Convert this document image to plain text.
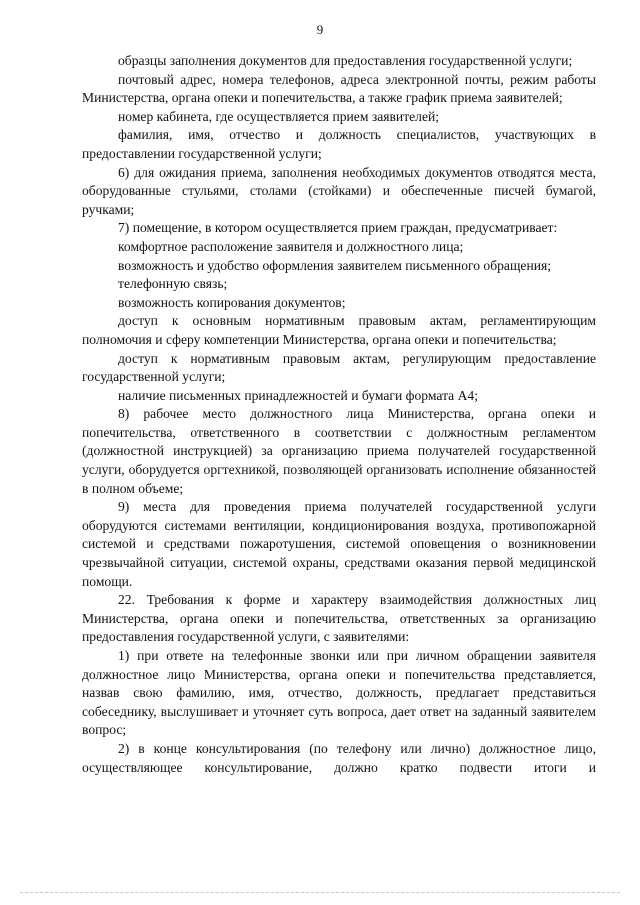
9

образцы заполнения документов для предоставления государственной услуги;

почтовый адрес, номера телефонов, адреса электронной почты, режим работы Министерства, органа опеки и попечительства, а также график приема заявителей;

номер кабинета, где осуществляется прием заявителей;

фамилия, имя, отчество и должность специалистов, участвующих в предоставлении государственной услуги;

6) для ожидания приема, заполнения необходимых документов отводятся места, оборудованные стульями, столами (стойками) и обеспеченные писчей бумагой, ручками;

7) помещение, в котором осуществляется прием граждан, предусматривает:

комфортное расположение заявителя и должностного лица;

возможность и удобство оформления заявителем письменного обращения;

телефонную связь;

возможность копирования документов;

доступ к основным нормативным правовым актам, регламентирующим полномочия и сферу компетенции Министерства, органа опеки и попечительства;

доступ к нормативным правовым актам, регулирующим предоставление государственной услуги;

наличие письменных принадлежностей и бумаги формата А4;

8) рабочее место должностного лица Министерства, органа опеки и попечительства, ответственного в соответствии с должностным регламентом (должностной инструкцией) за организацию приема получателей государственной услуги, оборудуется оргтехникой, позволяющей организовать исполнение обязанностей в полном объеме;

9) места для проведения приема получателей государственной услуги оборудуются системами вентиляции, кондиционирования воздуха, противопожарной системой и средствами пожаротушения, системой оповещения о возникновении чрезвычайной ситуации, системой охраны, средствами оказания первой медицинской помощи.

22. Требования к форме и характеру взаимодействия должностных лиц Министерства, органа опеки и попечительства, ответственных за организацию предоставления государственной услуги, с заявителями:

1) при ответе на телефонные звонки или при личном обращении заявителя должностное лицо Министерства, органа опеки и попечительства представляется, назвав свою фамилию, имя, отчество, должность, предлагает представиться собеседнику, выслушивает и уточняет суть вопроса, дает ответ на заданный заявителем вопрос;

2) в конце консультирования (по телефону или лично) должностное лицо, осуществляющее консультирование, должно кратко подвести итоги и
